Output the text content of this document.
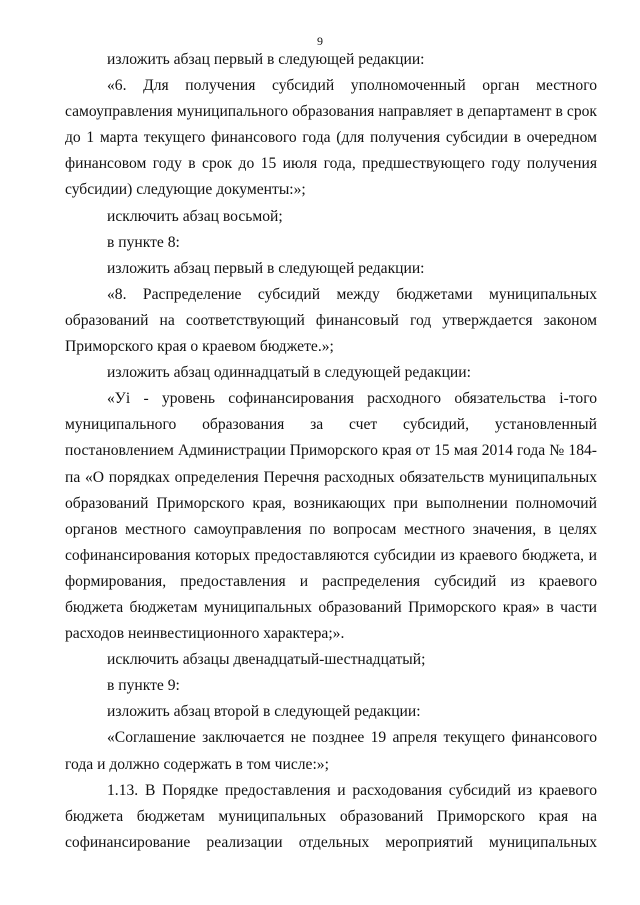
9

изложить абзац первый в следующей редакции:

«6. Для получения субсидий уполномоченный орган местного самоуправления муниципального образования направляет в департамент в срок до 1 марта текущего финансового года (для получения субсидии в очередном финансовом году в срок до 15 июля года, предшествующего году получения субсидии) следующие документы:»;

исключить абзац восьмой;

в пункте 8:

изложить абзац первый в следующей редакции:

«8. Распределение субсидий между бюджетами муниципальных образований на соответствующий финансовый год утверждается законом Приморского края о краевом бюджете.»;

изложить абзац одиннадцатый в следующей редакции:

«Уi - уровень софинансирования расходного обязательства i-того муниципального образования за счет субсидий, установленный постановлением Администрации Приморского края от 15 мая 2014 года № 184-па «О порядках определения Перечня расходных обязательств муниципальных образований Приморского края, возникающих при выполнении полномочий органов местного самоуправления по вопросам местного значения, в целях софинансирования которых предоставляются субсидии из краевого бюджета, и формирования, предоставления и распределения субсидий из краевого бюджета бюджетам муниципальных образований Приморского края» в части расходов неинвестиционного характера;».

исключить абзацы двенадцатый-шестнадцатый;

в пункте 9:

изложить абзац второй в следующей редакции:

«Соглашение заключается не позднее 19 апреля текущего финансового года и должно содержать в том числе:»;

1.13. В Порядке предоставления и расходования субсидий из краевого бюджета бюджетам муниципальных образований Приморского края на софинансирование реализации отдельных мероприятий муниципальных
